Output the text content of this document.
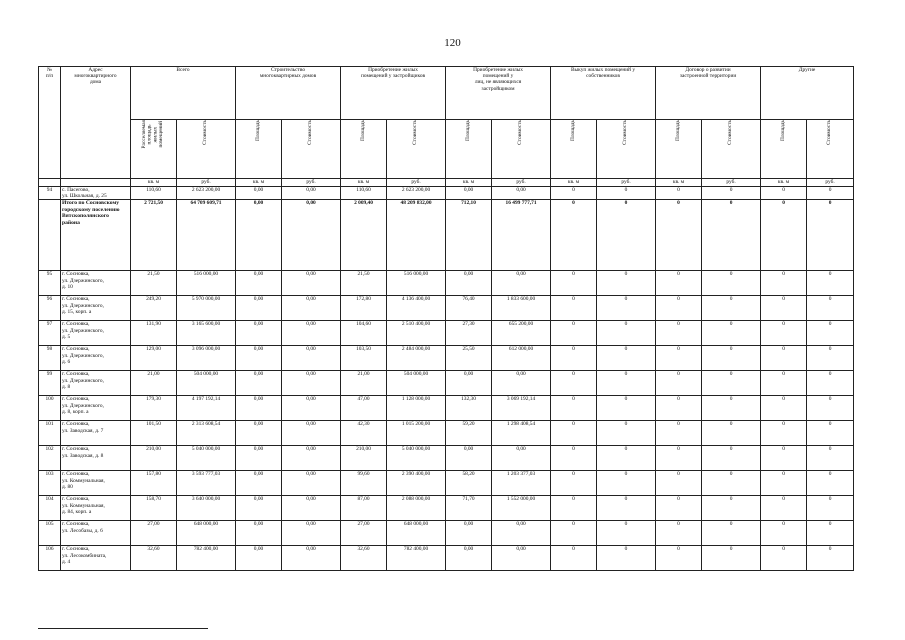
120
№
п/п	Адрес
многоквартирного
дома	Всего		Строительство
многоквартирных домов		Приобретение жилых
помещений у застройщиков		Приобретение жилых
помещений у
лиц, не являющихся
застройщиком		Выкуп жилых помещений у
собственников		Договор о развитии
застроенной территории		Другие	
		Расселяемая
площадь
жилых
помещений	Стоимость	Площадь	Стоимость	Площадь	Стоимость	Площадь	Стоимость	Площадь	Стоимость	Площадь	Стоимость	Площадь	Стоимость
		кв. м	руб.	кв. м	руб.	кв. м	руб.	кв. м	руб.	кв. м	руб.	кв. м	руб.	кв. м	руб.
94	с. Пасегово,
ул. Школьная, д. 25	110,60	2 623 200,00	0,00	0,00	110,60	2 623 200,00	0,00	0,00	0	0	0	0	0	0
	Итого по Сосновскому
городскому поселению
Вятскополянского
района	2 721,50	64 709 609,71	0,00	0,00	2 009,40	48 209 832,00	712,10	16 499 777,71	0	0	0	0	0	0
95	г. Сосновка,
ул. Дзержинского,
д. 10	21,50	516 000,00	0,00	0,00	21,50	516 000,00	0,00	0,00	0	0	0	0	0	0
96	г. Сосновка,
ул. Дзержинского,
д. 15, корп. а	249,20	5 970 000,00	0,00	0,00	172,80	4 136 400,00	76,40	1 833 600,00	0	0	0	0	0	0
97	г. Сосновка,
ул. Дзержинского,
д. 5	131,90	3 165 600,00	0,00	0,00	104,60	2 510 400,00	27,30	655 200,00	0	0	0	0	0	0
98	г. Сосновка,
ул. Дзержинского,
д. 6	129,00	3 096 000,00	0,00	0,00	103,50	2 484 000,00	25,50	612 000,00	0	0	0	0	0	0
99	г. Сосновка,
ул. Дзержинского,
д. 8	21,00	504 000,00	0,00	0,00	21,00	504 000,00	0,00	0,00	0	0	0	0	0	0
100	г. Сосновка,
ул. Дзержинского,
д. 8, корп. а	179,30	4 197 192,14	0,00	0,00	47,00	1 128 000,00	132,30	3 069 192,14	0	0	0	0	0	0
101	г. Сосновка,
ул. Заводская, д. 7	101,50	2 313 608,54	0,00	0,00	42,30	1 015 200,00	59,20	1 298 408,54	0	0	0	0	0	0
102	г. Сосновка,
ул. Заводская, д. 8	210,00	5 040 000,00	0,00	0,00	210,00	5 040 000,00	0,00	0,00	0	0	0	0	0	0
103	г. Сосновка,
ул. Коммунальная,
д. 80	157,80	3 593 777,03	0,00	0,00	99,60	2 390 400,00	58,20	1 203 377,03	0	0	0	0	0	0
104	г. Сосновка,
ул. Коммунальная,
д. 84, корп. а	158,70	3 640 000,00	0,00	0,00	87,00	2 088 000,00	71,70	1 552 000,00	0	0	0	0	0	0
105	г. Сосновка,
ул. Лесобазы, д. 6	27,00	648 000,00	0,00	0,00	27,00	648 000,00	0,00	0,00	0	0	0	0	0	0
106	г. Сосновка,
ул. Лесокомбината,
д. 4	32,60	782 400,00	0,00	0,00	32,60	782 400,00	0,00	0,00	0	0	0	0	0	0
